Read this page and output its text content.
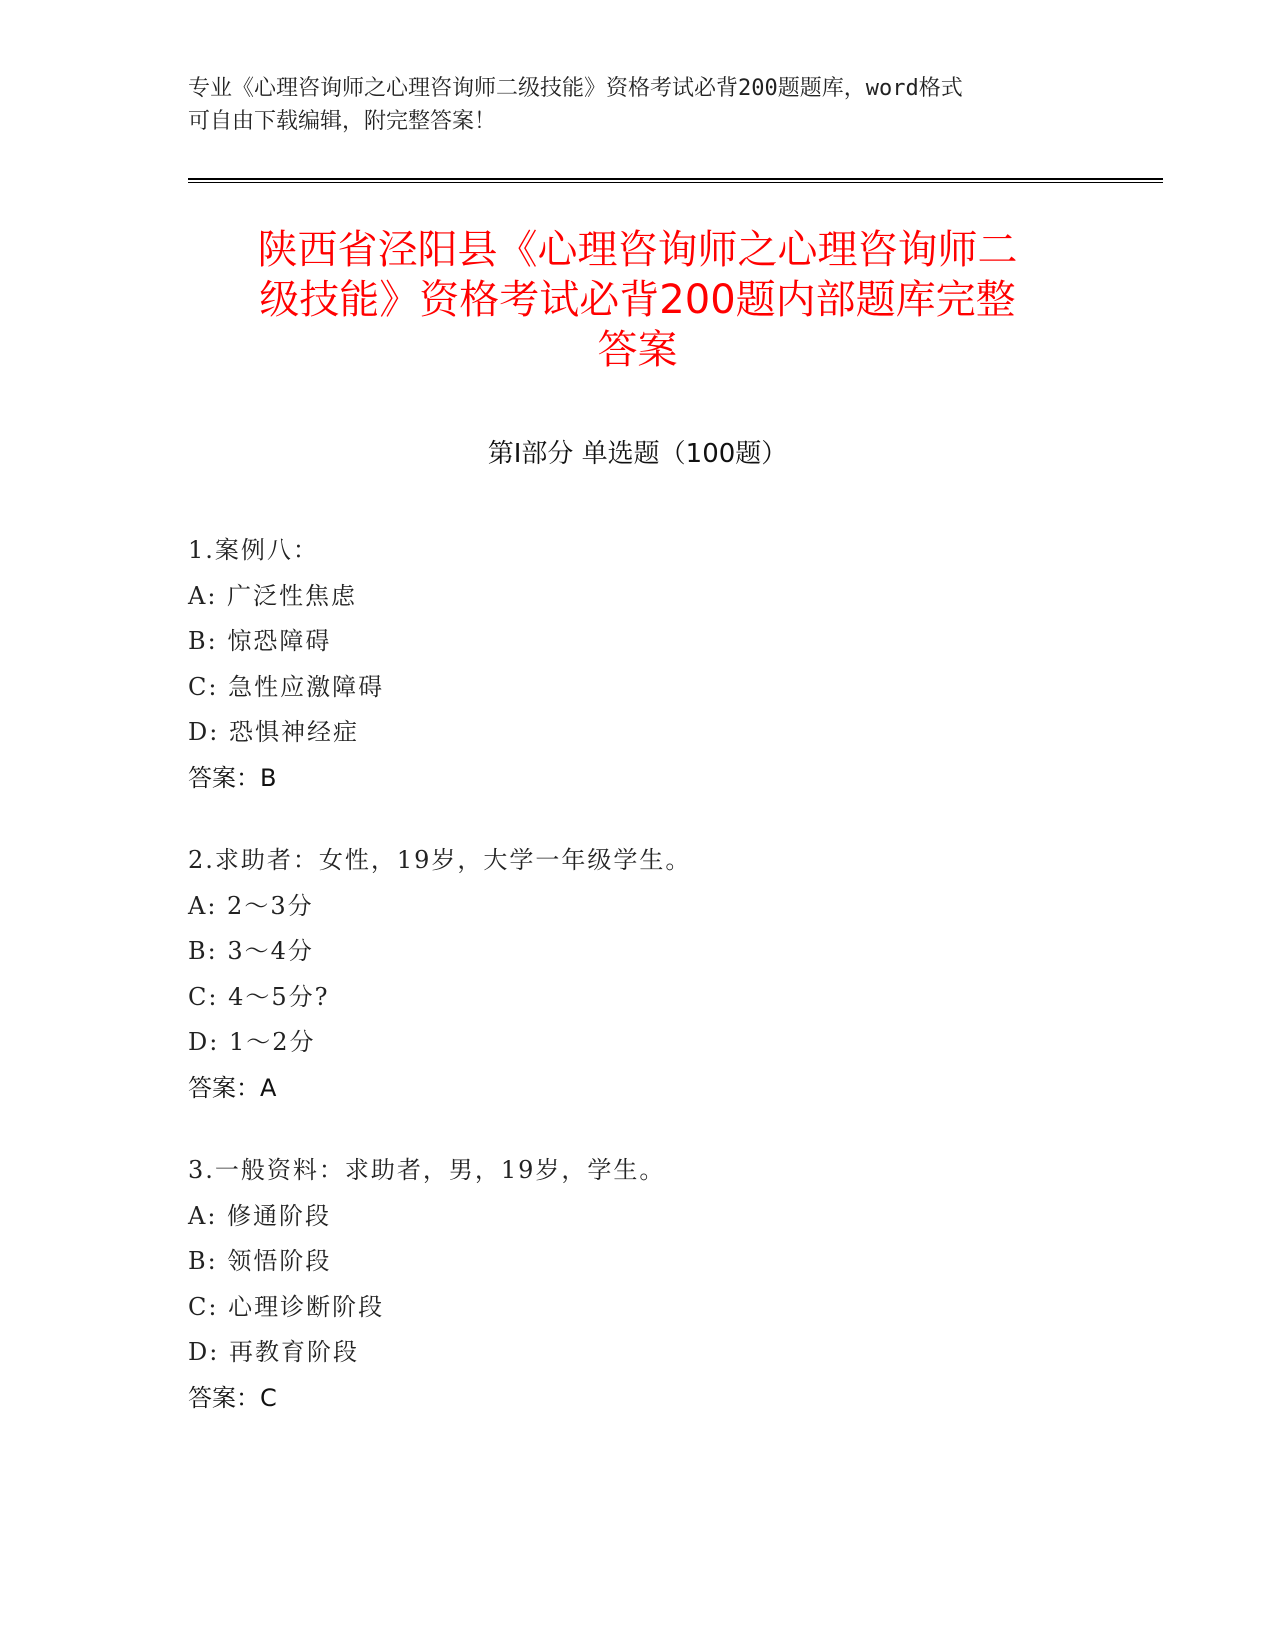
专业《心理咨询师之心理咨询师二级技能》资格考试必背200题题库，word格式
可自由下载编辑，附完整答案！
陕西省泾阳县《心理咨询师之心理咨询师二
级技能》资格考试必背200题内部题库完整
答案
第Ⅰ部分 单选题（100题）
1.案例八：
A: 广泛性焦虑
B: 惊恐障碍
C: 急性应激障碍
D: 恐惧神经症
答案：B
2.求助者：女性，19岁，大学一年级学生。
A: 2～3分
B: 3～4分
C: 4～5分?
D: 1～2分
答案：A
3.一般资料：求助者，男，19岁，学生。
A: 修通阶段
B: 领悟阶段
C: 心理诊断阶段
D: 再教育阶段
答案：C
